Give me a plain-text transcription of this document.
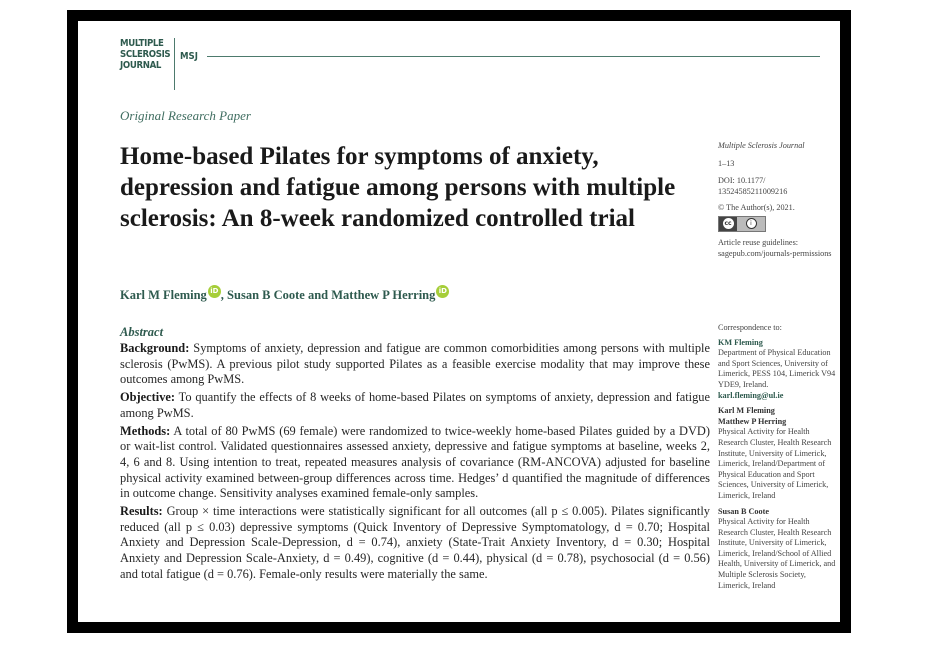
MULTIPLE
SCLEROSIS
JOURNAL
MSJ
Original Research Paper
Home-based Pilates for symptoms of anxiety, depression and fatigue among persons with multiple sclerosis: An 8-week randomized controlled trial
Karl M Fleming iD , Susan B Coote and Matthew P Herring iD
Abstract

Background: Symptoms of anxiety, depression and fatigue are common comorbidities among persons with multiple sclerosis (PwMS). A previous pilot study supported Pilates as a feasible exercise modality that may improve these outcomes among PwMS.

Objective: To quantify the effects of 8 weeks of home-based Pilates on symptoms of anxiety, depression and fatigue among PwMS.

Methods: A total of 80 PwMS (69 female) were randomized to twice-weekly home-based Pilates guided by a DVD) or wait-list control. Validated questionnaires assessed anxiety, depressive and fatigue symptoms at baseline, weeks 2, 4, 6 and 8. Using intention to treat, repeated measures analysis of covariance (RM-ANCOVA) adjusted for baseline physical activity examined between-group differences across time. Hedges’ d quantified the magnitude of differences in outcome change. Sensitivity analyses examined female-only samples.

Results: Group × time interactions were statistically significant for all outcomes (all p ≤ 0.005). Pilates significantly reduced (all p ≤ 0.03) depressive symptoms (Quick Inventory of Depressive Symptomatology, d = 0.70; Hospital Anxiety and Depression Scale-Depression, d = 0.74), anxiety (State-Trait Anxiety Inventory, d = 0.30; Hospital Anxiety and Depression Scale-Anxiety, d = 0.49), cognitive (d = 0.44), physical (d = 0.78), psychosocial (d = 0.56) and total fatigue (d = 0.76). Female-only results were materially the same.

Multiple Sclerosis Journal
1–13
DOI: 10.1177/
13524585211009216
© The Author(s), 2021.
cc	i
Article reuse guidelines: sagepub.com/journals-permissions
Correspondence to:
KM Fleming
Department of Physical Education and Sport Sciences, University of Limerick, PESS 104, Limerick V94 YDE9, Ireland.
karl.fleming@ul.ie
Karl M Fleming
Matthew P Herring
Physical Activity for Health Research Cluster, Health Research Institute, University of Limerick, Limerick, Ireland/Department of Physical Education and Sport Sciences, University of Limerick, Limerick, Ireland
Susan B Coote
Physical Activity for Health Research Cluster, Health Research Institute, University of Limerick, Limerick, Ireland/School of Allied Health, University of Limerick, and Multiple Sclerosis Society, Limerick, Ireland
